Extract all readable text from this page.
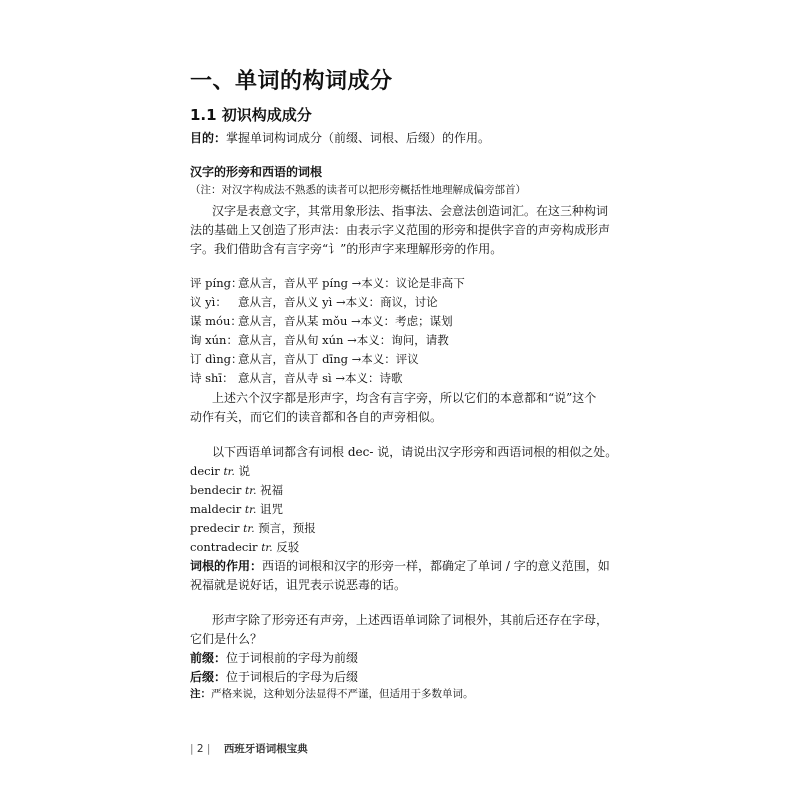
一、单词的构词成分
1.1 初识构成成分
目的：掌握单词构词成分（前缀、词根、后缀）的作用。
汉字的形旁和西语的词根
（注：对汉字构成法不熟悉的读者可以把形旁概括性地理解成偏旁部首）
汉字是表意文字，其常用象形法、指事法、会意法创造词汇。在这三种构词
法的基础上又创造了形声法：由表示字义范围的形旁和提供字音的声旁构成形声
字。我们借助含有言字旁“讠”的形声字来理解形旁的作用。
评 píng：意从言，音从平 píng →本义：议论是非高下
议 yì： 意从言，音从义 yì →本义：商议，讨论
谋 móu：意从言，音从某 mǒu →本义：考虑；谋划
询 xún：意从言，音从旬 xún →本义：询问，请教
订 dìng：意从言，音从丁 dīng →本义：评议
诗 shī： 意从言，音从寺 sì →本义：诗歌
上述六个汉字都是形声字，均含有言字旁，所以它们的本意都和“说”这个
动作有关，而它们的读音都和各自的声旁相似。
以下西语单词都含有词根 dec- 说，请说出汉字形旁和西语词根的相似之处。
decir tr. 说
bendecir tr. 祝福
maldecir tr. 诅咒
predecir tr. 预言，预报
contradecir tr. 反驳
词根的作用：西语的词根和汉字的形旁一样，都确定了单词 / 字的意义范围，如
祝福就是说好话，诅咒表示说恶毒的话。
形声字除了形旁还有声旁，上述西语单词除了词根外，其前后还存在字母，
它们是什么？
前缀：位于词根前的字母为前缀
后缀：位于词根后的字母为后缀
注：严格来说，这种划分法显得不严谨，但适用于多数单词。
| 2 | 西班牙语词根宝典
